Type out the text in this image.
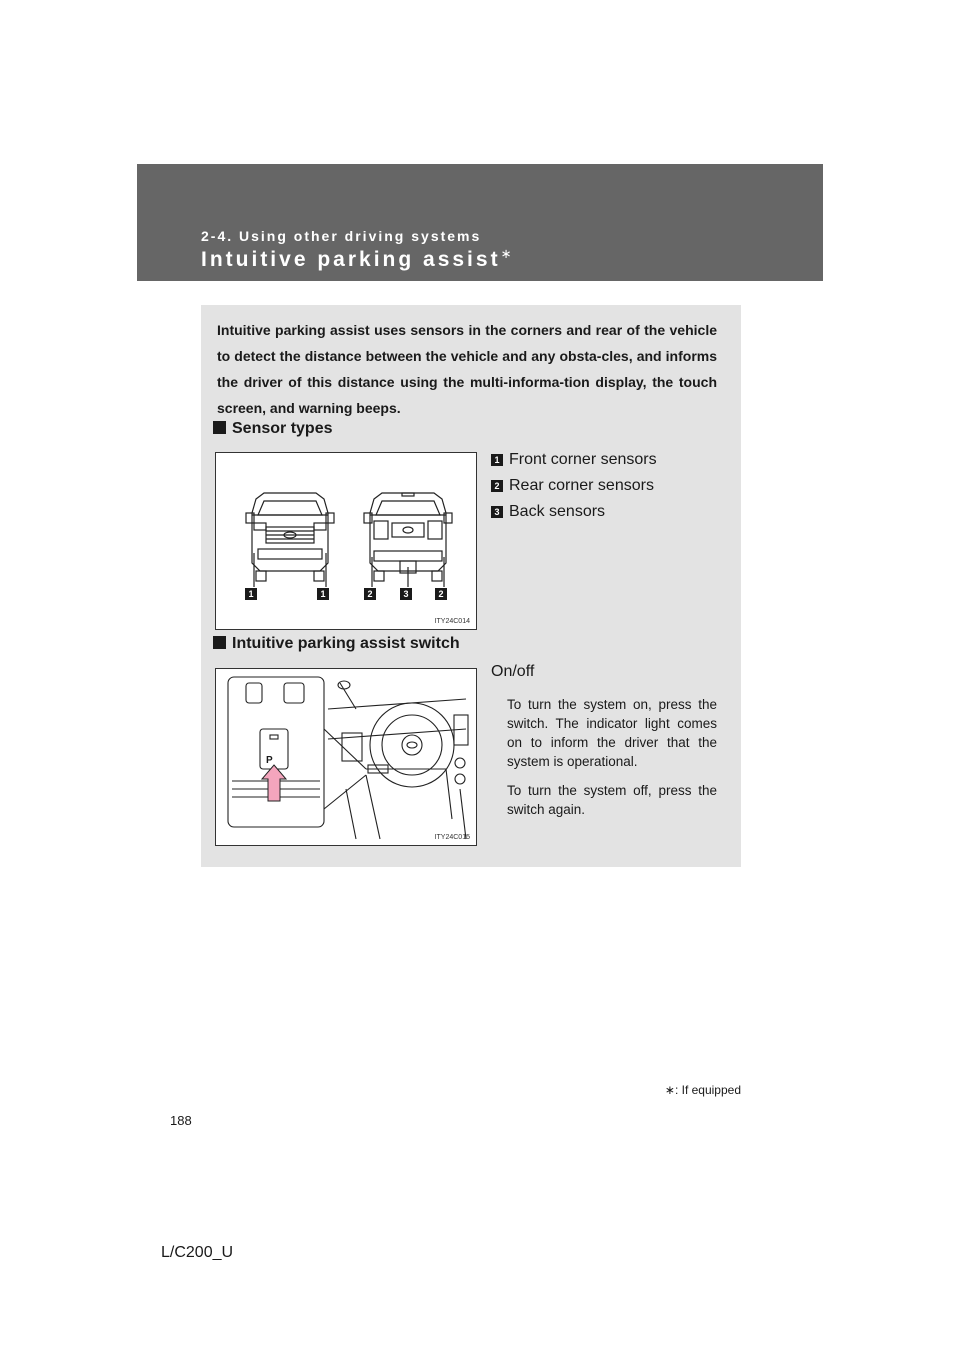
2-4. Using other driving systems
Intuitive parking assist∗
Intuitive parking assist uses sensors in the corners and rear of the vehicle to detect the distance between the vehicle and any obsta-cles, and informs the driver of this distance using the multi-informa-tion display, the touch screen, and warning beeps.
Sensor types
1	1	2	3	2
ITY24C014
1 Front corner sensors
2 Rear corner sensors
3 Back sensors
Intuitive parking assist switch
P
ITY24C015
On/off

To turn the system on, press the switch. The indicator light comes on to inform the driver that the system is operational.

To turn the system off, press the switch again.

∗: If equipped
188
L/C200_U
